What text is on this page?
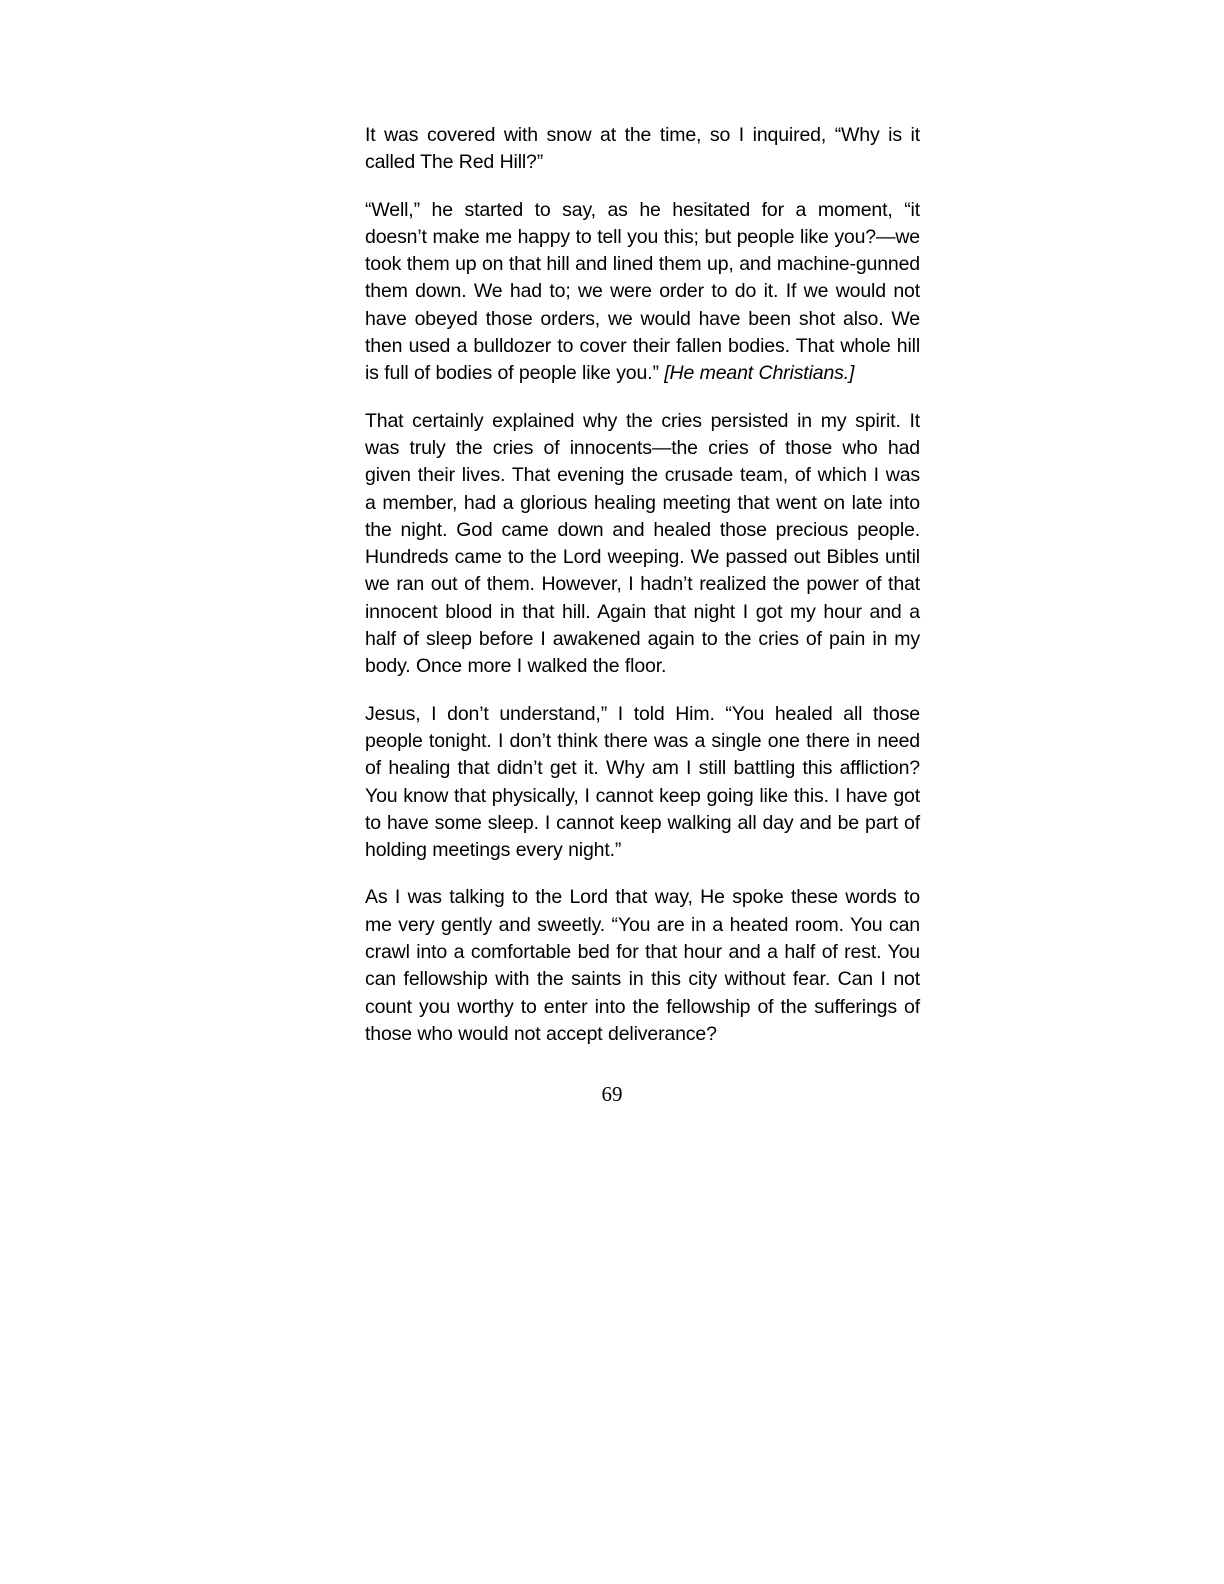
It was covered with snow at the time, so I inquired, “Why is it called The Red Hill?”

“Well,” he started to say, as he hesitated for a moment, “it doesn’t make me happy to tell you this; but people like you?—we took them up on that hill and lined them up, and machine-gunned them down. We had to; we were order to do it. If we would not have obeyed those orders, we would have been shot also. We then used a bulldozer to cover their fallen bodies. That whole hill is full of bodies of people like you.” [He meant Christians.]

That certainly explained why the cries persisted in my spirit. It was truly the cries of innocents—the cries of those who had given their lives. That evening the crusade team, of which I was a member, had a glorious healing meeting that went on late into the night. God came down and healed those precious people. Hundreds came to the Lord weeping. We passed out Bibles until we ran out of them. However, I hadn’t realized the power of that innocent blood in that hill. Again that night I got my hour and a half of sleep before I awakened again to the cries of pain in my body. Once more I walked the floor.

Jesus, I don’t understand,” I told Him. “You healed all those people tonight. I don’t think there was a single one there in need of healing that didn’t get it. Why am I still battling this affliction? You know that physically, I cannot keep going like this. I have got to have some sleep. I cannot keep walking all day and be part of holding meetings every night.”

As I was talking to the Lord that way, He spoke these words to me very gently and sweetly. “You are in a heated room. You can crawl into a comfortable bed for that hour and a half of rest. You can fellowship with the saints in this city without fear. Can I not count you worthy to enter into the fellowship of the sufferings of those who would not accept deliverance?

69
